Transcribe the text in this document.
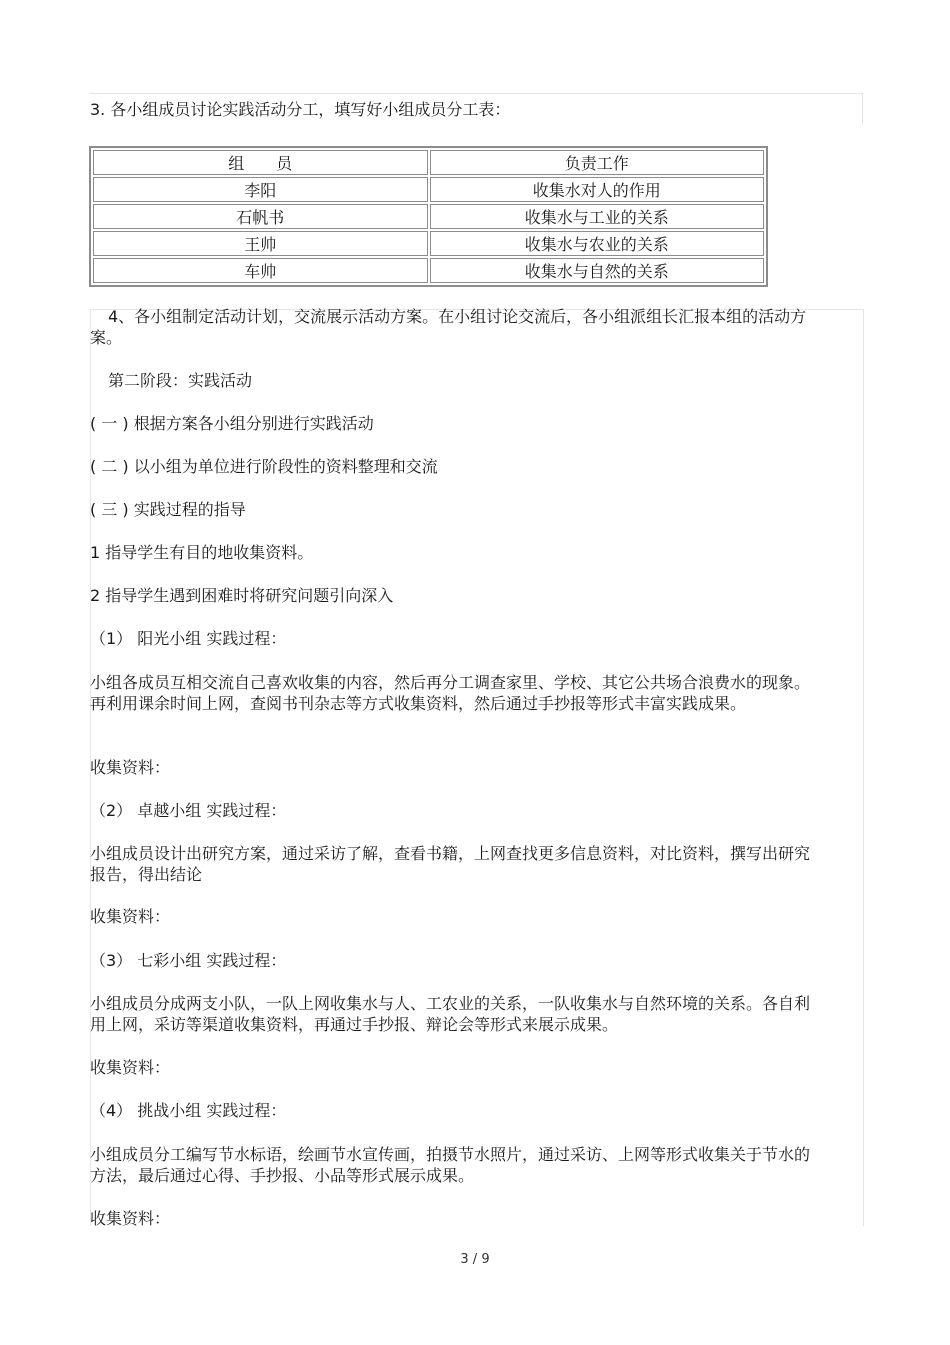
3. 各小组成员讨论实践活动分工，填写好小组成员分工表：
组　　员	负责工作
李阳	收集水对人的作用
石帆书	收集水与工业的关系
王帅	收集水与农业的关系
车帅	收集水与自然的关系
4、各小组制定活动计划，交流展示活动方案。在小组讨论交流后，各小组派组长汇报本组的活动方案。
第二阶段：实践活动
( 一 ) 根据方案各小组分别进行实践活动
( 二 ) 以小组为单位进行阶段性的资料整理和交流
( 三 ) 实践过程的指导
1 指导学生有目的地收集资料。
2 指导学生遇到困难时将研究问题引向深入
（1） 阳光小组 实践过程：
小组各成员互相交流自己喜欢收集的内容，然后再分工调查家里、学校、其它公共场合浪费水的现象。再利用课余时间上网，查阅书刊杂志等方式收集资料，然后通过手抄报等形式丰富实践成果。
收集资料：
（2） 卓越小组 实践过程：
小组成员设计出研究方案，通过采访了解，查看书籍，上网查找更多信息资料，对比资料，撰写出研究报告，得出结论
收集资料：
（3） 七彩小组 实践过程：
小组成员分成两支小队，一队上网收集水与人、工农业的关系，一队收集水与自然环境的关系。各自利用上网，采访等渠道收集资料，再通过手抄报、辩论会等形式来展示成果。
收集资料：
（4） 挑战小组 实践过程：
小组成员分工编写节水标语，绘画节水宣传画，拍摄节水照片，通过采访、上网等形式收集关于节水的方法，最后通过心得、手抄报、小品等形式展示成果。
收集资料：
3 / 9
